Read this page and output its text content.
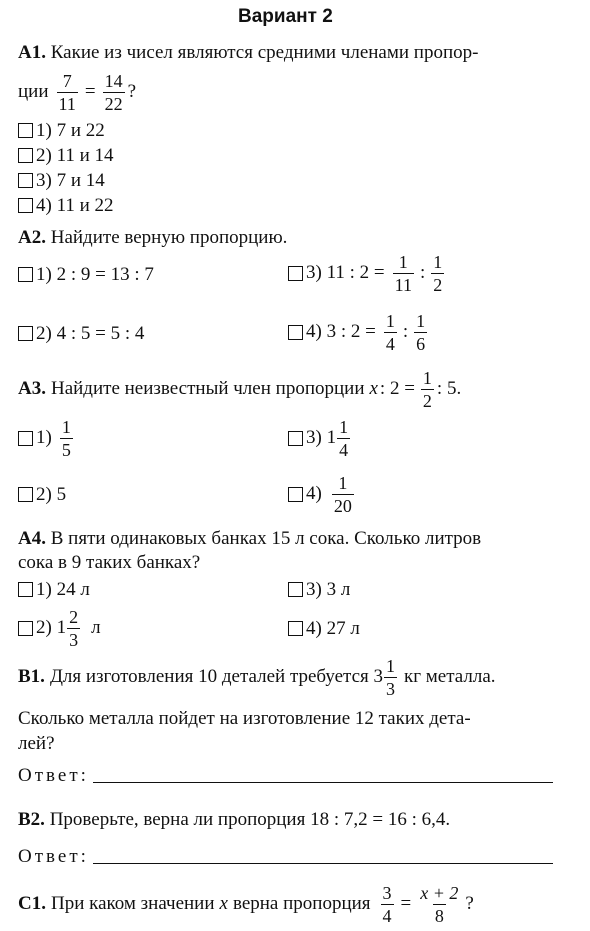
Вариант 2
А1. Какие из чисел являются средними членами пропор-
ции $\frac{7}{11} = \frac{14}{22}$ ?
1) 7 и 22
2) 11 и 14
3) 7 и 14
4) 11 и 22
А2. Найдите верную пропорцию.
1) 2 : 9 = 13 : 7	3) 11 : $2 = \frac{1}{11}$ : $\frac{1}{2}$
2) 4 : 5 = 5 : 4	4) 3 : $2 = \frac{1}{4}$ : $\frac{1}{6}$
А3. Найдите неизвестный член пропорции x : $2 = \frac{1}{2}$ : 5.
$1) \frac{1}{5}$	3) $1 \frac{1}{4}$
2) 5	$4) \frac{1}{20}$
А4. В пяти одинаковых банках 15 л сока. Сколько литров
сока в 9 таких банках?
1) 24 л	3) 3 л
2) $1 \frac{2}{3}$ л	4) 27 л
В1. Для изготовления 10 деталей требуется $3 \frac{1}{3}$ кг металла.
Сколько металла пойдет на изготовление 12 таких дета-
лей?
Ответ:
В2. Проверьте, верна ли пропорция 18 : 7,2 = 16 : 6,4.
Ответ:
С1. При каком значении x верна пропорция $\frac{3}{4} = \frac{x + 2}{8}$ ?
